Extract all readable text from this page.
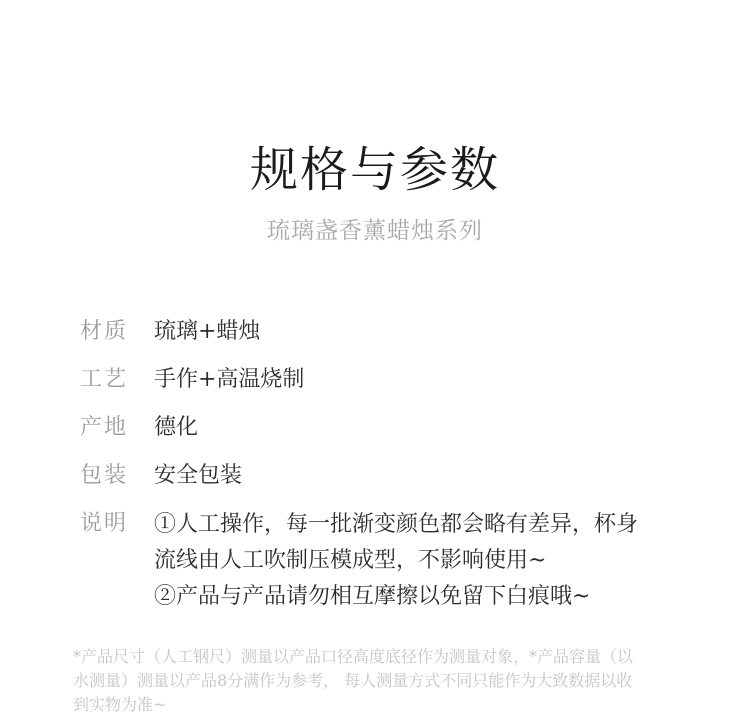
规格与参数
琉璃盏香薰蜡烛系列
材质 琉璃+蜡烛
工艺 手作+高温烧制
产地 德化
包装 安全包装
说明 ①人工操作，每一批渐变颜色都会略有差异，杯身
流线由人工吹制压模成型，不影响使用~
②产品与产品请勿相互摩擦以免留下白痕哦~
*产品尺寸（人工钢尺）测量以产品口径高度底径作为测量对象，*产品容量（以
水测量）测量以产品8分满作为参考， 每人测量方式不同只能作为大致数据以收
到实物为准~
